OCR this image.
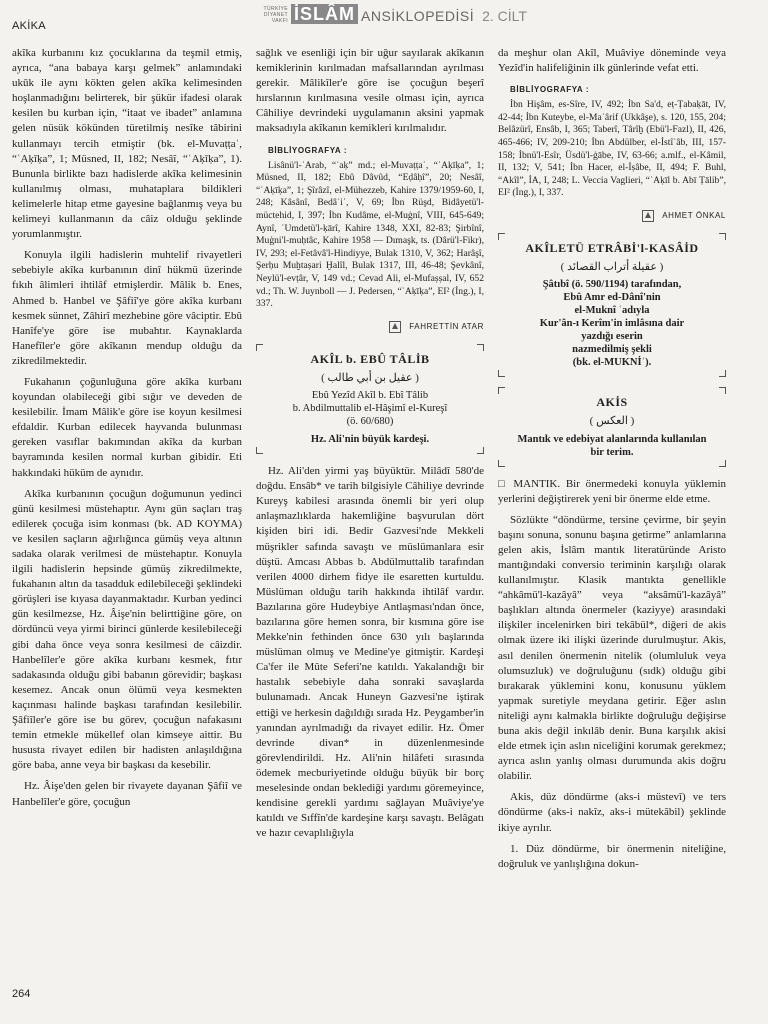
AKİKA
TÜRKİYE DİYANET VAKFI İSLÂM ANSİKLOPEDİSİ 2. CİLT

akîka kurbanını kız çocuklarına da teşmil etmiş, ayrıca, “ana babaya karşı gelmek” anlamındaki ukūk ile aynı kökten gelen akîka kelimesinden hoşlanmadığını belirterek, bir şükür ifadesi olarak kesilen bu kurban için, “itaat ve ibadet” anlamına gelen nüsük kökünden türetilmiş nesîke tâbirini kullanmayı tercih etmiştir (bk. el-Muvaṭṭaʾ, “ʿAḳīḳa”, 1; Müsned, II, 182; Nesâî, “ʿAḳīḳa”, 1). Bununla birlikte bazı hadislerde akîka kelimesinin kullanılmış olması, muhataplara bildikleri kelimelerle hitap etme gayesine bağlanmış veya bu kelimeyi kullanmanın da câiz olduğu şeklinde yorumlanmıştır.

Konuyla ilgili hadislerin muhtelif rivayetleri sebebiyle akîka kurbanının dinî hükmü üzerinde fıkıh âlimleri ihtilâf etmişlerdir. Mâlik b. Enes, Ahmed b. Hanbel ve Şâfiî'ye göre akîka kurbanı kesmek sünnet, Zâhirî mezhebine göre vâciptir. Ebû Hanîfe'ye göre ise mubahtır. Kaynaklarda Hanefîler'e göre akîkanın mendup olduğu da zikredilmektedir.

Fukahanın çoğunluğuna göre akîka kurbanı koyundan olabileceği gibi sığır ve deveden de kesilebilir. İmam Mâlik'e göre ise koyun kesilmesi efdaldir. Kurban edilecek hayvanda bulunması gereken vasıflar bakımından akîka da kurban bayramında kesilen normal kurban gibidir. Eti hakkındaki hüküm de aynıdır.

Akîka kurbanının çocuğun doğumunun yedinci günü kesilmesi müstehaptır. Aynı gün saçları traş edilerek çocuğa isim konması (bk. AD KOYMA) ve kesilen saçların ağırlığınca gümüş veya altının sadaka olarak verilmesi de müstehaptır. Konuyla ilgili hadislerin hepsinde gümüş zikredilmekte, fukahanın altın da tasadduk edilebileceği şeklindeki görüşleri ise kıyasa dayanmaktadır. Kurban yedinci gün kesilmezse, Hz. Âişe'nin belirttiğine göre, on dördüncü veya yirmi birinci günlerde kesilebileceği gibi daha önce veya sonra kesilmesi de câizdir. Hanbelîler'e göre akîka kurbanı kesmek, fıtır sadakasında olduğu gibi babanın görevidir; başkası kesemez. Ancak onun ölümü veya kesmekten kaçınması halinde başkası tarafından kesilebilir. Şâfiîler'e göre ise bu görev, çocuğun nafakasını temin etmekle mükellef olan kimseye aittir. Bu hususta rivayet edilen bir hadisten anlaşıldığına göre baba, anne veya bir başkası da kesebilir.

Hz. Âişe'den gelen bir rivayete dayanan Şâfiî ve Hanbelîler'e göre, çocuğun

sağlık ve esenliği için bir uğur sayılarak akîkanın kemiklerinin kırılmadan mafsallarından ayrılması gerekir. Mâlikîler'e göre ise çocuğun beşerî hırslarının kırılmasına vesile olması için, ayrıca Câhiliye devrindeki uygulamanın aksini yapmak maksadıyla akîkanın kemikleri kırılmalıdır.

BİBLİYOGRAFYA :

Lisânü'l-ʿArab, “ʿaḳ” md.; el-Muvaṭṭaʾ, “ʿAḳīḳa”, 1; Müsned, II, 182; Ebû Dâvûd, “Eḍâḥî”, 20; Nesâî, “ʿAḳīḳa”, 1; Şîrâzî, el-Mühezzeb, Kahire 1379/1959-60, I, 248; Kâsânî, Bedâʾiʿ, V, 69; İbn Rüşd, Bidâyetü'l-müctehid, I, 397; İbn Kudâme, el-Muġnî, VIII, 645-649; Aynî, ʿUmdetü'l-ḳārî, Kahire 1348, XXI, 82-83; Şirbînî, Muġni'l-muḥtâc, Kahire 1958 — Dımaşk, ts. (Dârü'l-Fikr), IV, 293; el-Fetâvâ'l-Hindiyye, Bulak 1310, V, 362; Harâşî, Şerḥu Muḫtaṣari Ḫalîl, Bulak 1317, III, 46-48; Şevkânî, Neylü'l-evṭâr, V, 149 vd.; Cevad Ali, el-Mufaṣṣal, IV, 652 vd.; Th. W. Juynboll — J. Pedersen, “ʿAḳīḳa”, EI² (İng.), I, 337.

FAHRETTİN ATAR
AKÎL b. EBÛ TÂLİB
( عقيل بن أبي طالب )
Ebû Yezîd Akîl b. Ebî Tâlib
b. Abdilmuttalib el-Hâşimî el-Kureşî
(ö. 60/680)
Hz. Ali'nin büyük kardeşi.

Hz. Ali'den yirmi yaş büyüktür. Milâdî 580'de doğdu. Ensâb* ve tarih bilgisiyle Câhiliye devrinde Kureyş kabilesi arasında önemli bir yeri olup anlaşmazlıklarda hakemliğine başvurulan dört kişiden biri idi. Bedir Gazvesi'nde Mekkeli müşrikler safında savaştı ve müslümanlara esir düştü. Amcası Abbas b. Abdülmuttalib tarafından verilen 4000 dirhem fidye ile esaretten kurtuldu. Müslüman olduğu tarih hakkında ihtilâf vardır. Bazılarına göre Hudeybiye Antlaşması'ndan önce, bazılarına göre hemen sonra, bir kısmına göre ise Mekke'nin fethinden önce 630 yılı başlarında müslüman olmuş ve Medine'ye gitmiştir. Kardeşi Ca'fer ile Mûte Seferi'ne katıldı. Yakalandığı bir hastalık sebebiyle daha sonraki savaşlarda bulunamadı. Ancak Huneyn Gazvesi'ne iştirak ettiği ve herkesin dağıldığı sırada Hz. Peygamber'in yanından ayrılmadığı da rivayet edilir. Hz. Ömer devrinde divan* in düzenlenmesinde görevlendirildi. Hz. Ali'nin hilâfeti sırasında ödemek mecburiyetinde olduğu büyük bir borç meselesinde ondan beklediği yardımı göremeyince, kendisine gerekli yardımı sağlayan Muâviye'ye katıldı ve Sıffîn'de kardeşine karşı savaştı. Belâgatı ve hazır cevaplılığıyla

da meşhur olan Akîl, Muâviye döneminde veya Yezîd'in halifeliğinin ilk günlerinde vefat etti.

BİBLİYOGRAFYA :

İbn Hişâm, es-Sîre, IV, 492; İbn Sa'd, eṭ-Ṭabaḳāt, IV, 42-44; İbn Kuteybe, el-Maʿârif (Ukkâşe), s. 120, 155, 204; Belâzürî, Ensâb, I, 365; Taberî, Târîḫ (Ebü'l-Fazl), II, 426, 465-466; IV, 209-210; İbn Abdülber, el-İstîʿâb, III, 157-158; İbnü'l-Esîr, Üsdü'l-ġābe, IV, 63-66; a.mlf., el-Kâmil, II, 132; V, 541; İbn Hacer, el-İṣâbe, II, 494; F. Buhl, “Akîl”, İA, I, 248; L. Veccia Vaglieri, “ʿAḳīl b. Abī Ṭālib”, EI² (İng.), I, 337.

AHMET ÖNKAL
AKÎLETÜ ETRÂBİ'l-KASÂİD
( عقيلة أتراب القصائد )
Şâtıbî (ö. 590/1194) tarafından,
Ebû Amr ed-Dânî'nin
el-Muknî ʿadıyla
Kur'ân-ı Kerîm'in imlâsına dair
yazdığı eserin
nazmedilmiş şekli
(bk. el-MUKNİʿ).
AKİS
( العكس )
Mantık ve edebiyat alanlarında kullanılan bir terim.

□ MANTIK. Bir önermedeki konuyla yüklemin yerlerini değiştirerek yeni bir önerme elde etme.

Sözlükte “döndürme, tersine çevirme, bir şeyin başını sonuna, sonunu başına getirme” anlamlarına gelen akis, İslâm mantık literatüründe Aristo mantığındaki conversio teriminin karşılığı olarak kullanılmıştır. Klasik mantıkta genellikle “ahkâmü'l-kazâyâ” veya “aksâmü'l-kazâyâ” başlıkları altında önermeler (kaziyye) arasındaki ilişkiler incelenirken biri tekâbül*, diğeri de akis olmak üzere iki ilişki üzerinde durulmuştur. Akis, asıl denilen önermenin nitelik (olumluluk veya olumsuzluk) ve doğruluğunu (sıdk) olduğu gibi bırakarak yüklemini konu, konusunu yüklem yapmak suretiyle meydana getirir. Eğer aslın niteliği aynı kalmakla birlikte doğruluğu değişirse buna akis değil inkılâb denir. Buna karşılık akisi elde etmek için aslın niceliğini korumak gerekmez; ayrıca aslın yanlış olması durumunda akis doğru olabilir.

Akis, düz döndürme (aks-i müstevî) ve ters döndürme (aks-i nakîz, aks-i mütekâbil) şeklinde ikiye ayrılır.

1. Düz döndürme, bir önermenin niteliğine, doğruluk ve yanlışlığına dokun-

264
